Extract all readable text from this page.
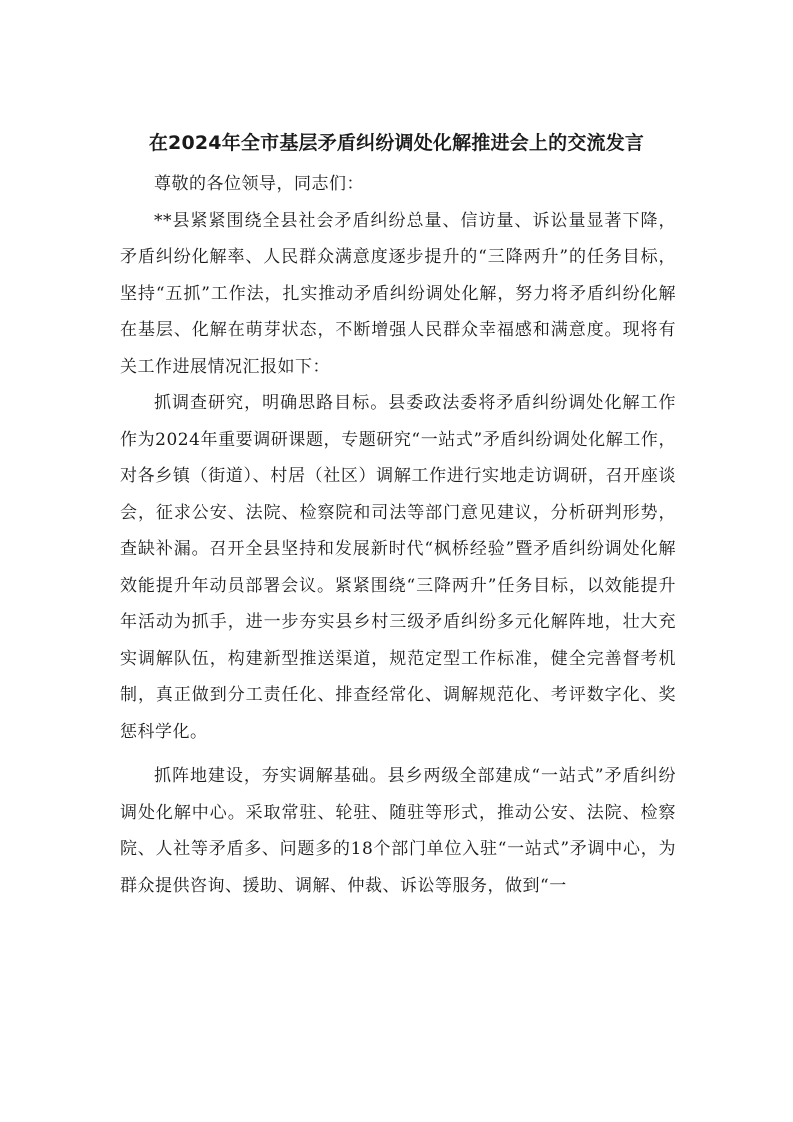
在2024年全市基层矛盾纠纷调处化解推进会上的交流发言

尊敬的各位领导，同志们：

**县紧紧围绕全县社会矛盾纠纷总量、信访量、诉讼量显著下降，矛盾纠纷化解率、人民群众满意度逐步提升的“三降两升”的任务目标，坚持“五抓”工作法，扎实推动矛盾纠纷调处化解，努力将矛盾纠纷化解在基层、化解在萌芽状态，不断增强人民群众幸福感和满意度。现将有关工作进展情况汇报如下：

抓调查研究，明确思路目标。县委政法委将矛盾纠纷调处化解工作作为2024年重要调研课题，专题研究“一站式”矛盾纠纷调处化解工作，对各乡镇（街道）、村居（社区）调解工作进行实地走访调研，召开座谈会，征求公安、法院、检察院和司法等部门意见建议，分析研判形势，查缺补漏。召开全县坚持和发展新时代“枫桥经验”暨矛盾纠纷调处化解效能提升年动员部署会议。紧紧围绕“三降两升”任务目标，以效能提升年活动为抓手，进一步夯实县乡村三级矛盾纠纷多元化解阵地，壮大充实调解队伍，构建新型推送渠道，规范定型工作标准，健全完善督考机制，真正做到分工责任化、排查经常化、调解规范化、考评数字化、奖惩科学化。

抓阵地建设，夯实调解基础。县乡两级全部建成“一站式”矛盾纠纷调处化解中心。采取常驻、轮驻、随驻等形式，推动公安、法院、检察院、人社等矛盾多、问题多的18个部门单位入驻“一站式”矛调中心，为群众提供咨询、援助、调解、仲裁、诉讼等服务，做到“一
